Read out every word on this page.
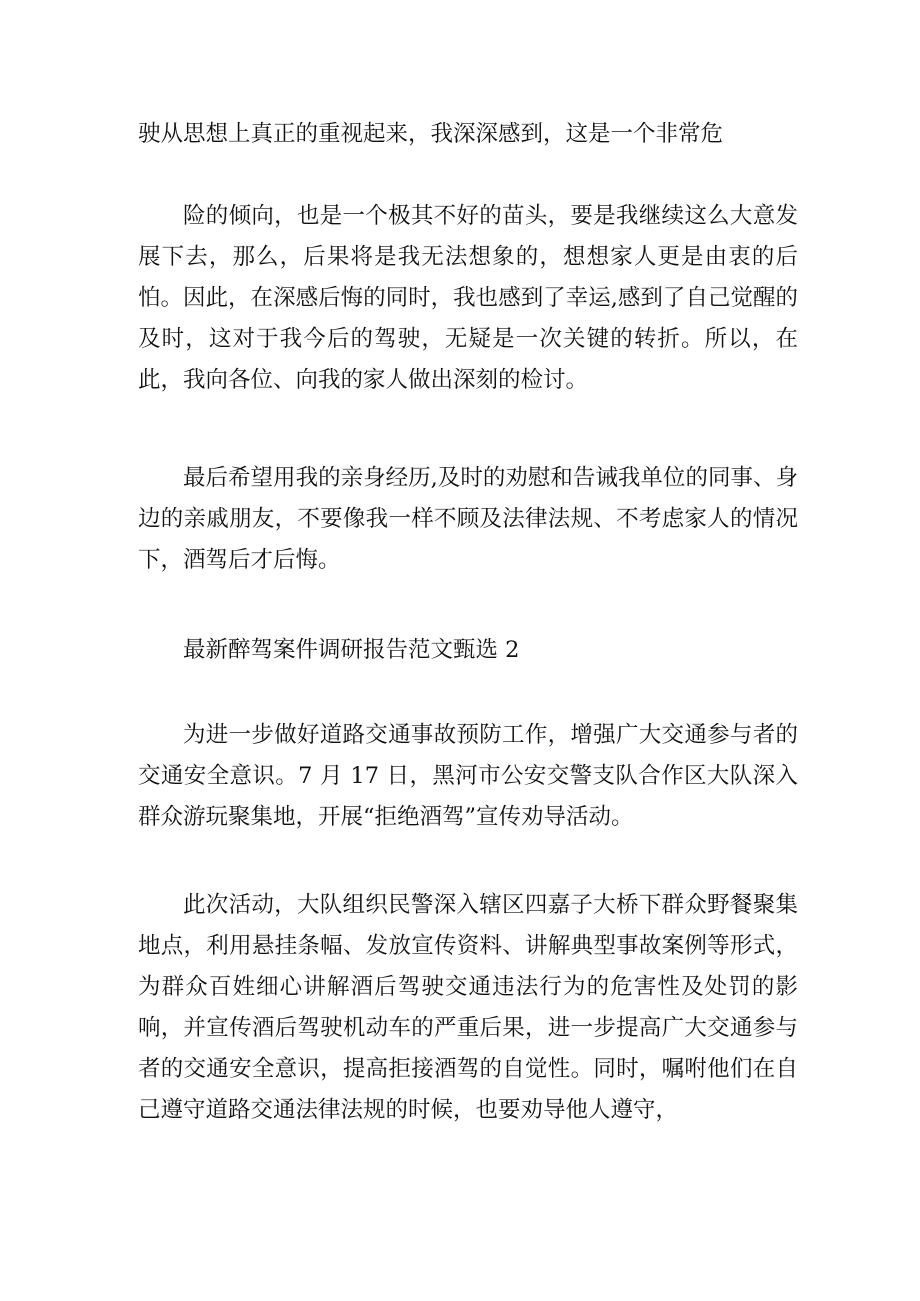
驶从思想上真正的重视起来，我深深感到，这是一个非常危

险的倾向，也是一个极其不好的苗头，要是我继续这么大意发展下去，那么，后果将是我无法想象的，想想家人更是由衷的后怕。因此，在深感后悔的同时，我也感到了幸运,感到了自己觉醒的及时，这对于我今后的驾驶，无疑是一次关键的转折。所以，在此，我向各位、向我的家人做出深刻的检讨。

最后希望用我的亲身经历,及时的劝慰和告诫我单位的同事、身边的亲戚朋友，不要像我一样不顾及法律法规、不考虑家人的情况下，酒驾后才后悔。

最新醉驾案件调研报告范文甄选 2

为进一步做好道路交通事故预防工作，增强广大交通参与者的交通安全意识。7 月 17 日，黑河市公安交警支队合作区大队深入群众游玩聚集地，开展“拒绝酒驾”宣传劝导活动。

此次活动，大队组织民警深入辖区四嘉子大桥下群众野餐聚集地点，利用悬挂条幅、发放宣传资料、讲解典型事故案例等形式，为群众百姓细心讲解酒后驾驶交通违法行为的危害性及处罚的影响，并宣传酒后驾驶机动车的严重后果，进一步提高广大交通参与者的交通安全意识，提高拒接酒驾的自觉性。同时，嘱咐他们在自己遵守道路交通法律法规的时候，也要劝导他人遵守，
